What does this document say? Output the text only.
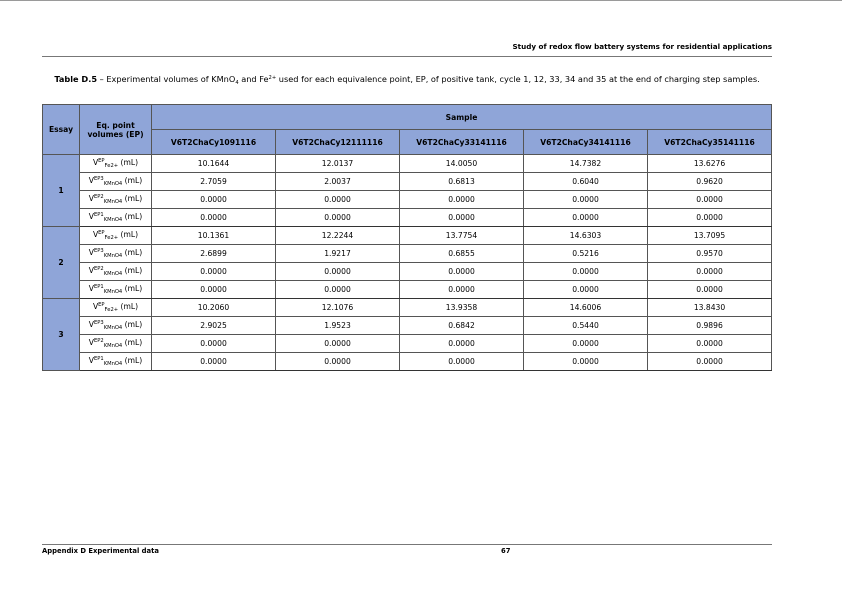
Study of redox flow battery systems for residential applications
Table D.5 – Experimental volumes of KMnO$_4$ and $Fe^{2+}$ used for each equivalence point, EP, of positive tank, cycle 1, 12, 33, 34 and 35 at the end of charging step samples.
Essay	Eq. point volumes (EP)	Sample				
		V6T2ChaCy1091116	V6T2ChaCy12111116	V6T2ChaCy33141116	V6T2ChaCy34141116	V6T2ChaCy35141116
1	$V^{EP}_{Fe2+}$ (mL)	10.1644	12.0137	14.0050	14.7382	13.6276
	$V^{EP3}_{KMnO4}$ (mL)	2.7059	2.0037	0.6813	0.6040	0.9620
	$V^{EP2}_{KMnO4}$ (mL)	0.0000	0.0000	0.0000	0.0000	0.0000
	$V^{EP1}_{KMnO4}$ (mL)	0.0000	0.0000	0.0000	0.0000	0.0000
2	$V^{EP}_{Fe2+}$ (mL)	10.1361	12.2244	13.7754	14.6303	13.7095
	$V^{EP3}_{KMnO4}$ (mL)	2.6899	1.9217	0.6855	0.5216	0.9570
	$V^{EP2}_{KMnO4}$ (mL)	0.0000	0.0000	0.0000	0.0000	0.0000
	$V^{EP1}_{KMnO4}$ (mL)	0.0000	0.0000	0.0000	0.0000	0.0000
3	$V^{EP}_{Fe2+}$ (mL)	10.2060	12.1076	13.9358	14.6006	13.8430
	$V^{EP3}_{KMnO4}$ (mL)	2.9025	1.9523	0.6842	0.5440	0.9896
	$V^{EP2}_{KMnO4}$ (mL)	0.0000	0.0000	0.0000	0.0000	0.0000
	$V^{EP1}_{KMnO4}$ (mL)	0.0000	0.0000	0.0000	0.0000	0.0000
Appendix D Experimental data	67
